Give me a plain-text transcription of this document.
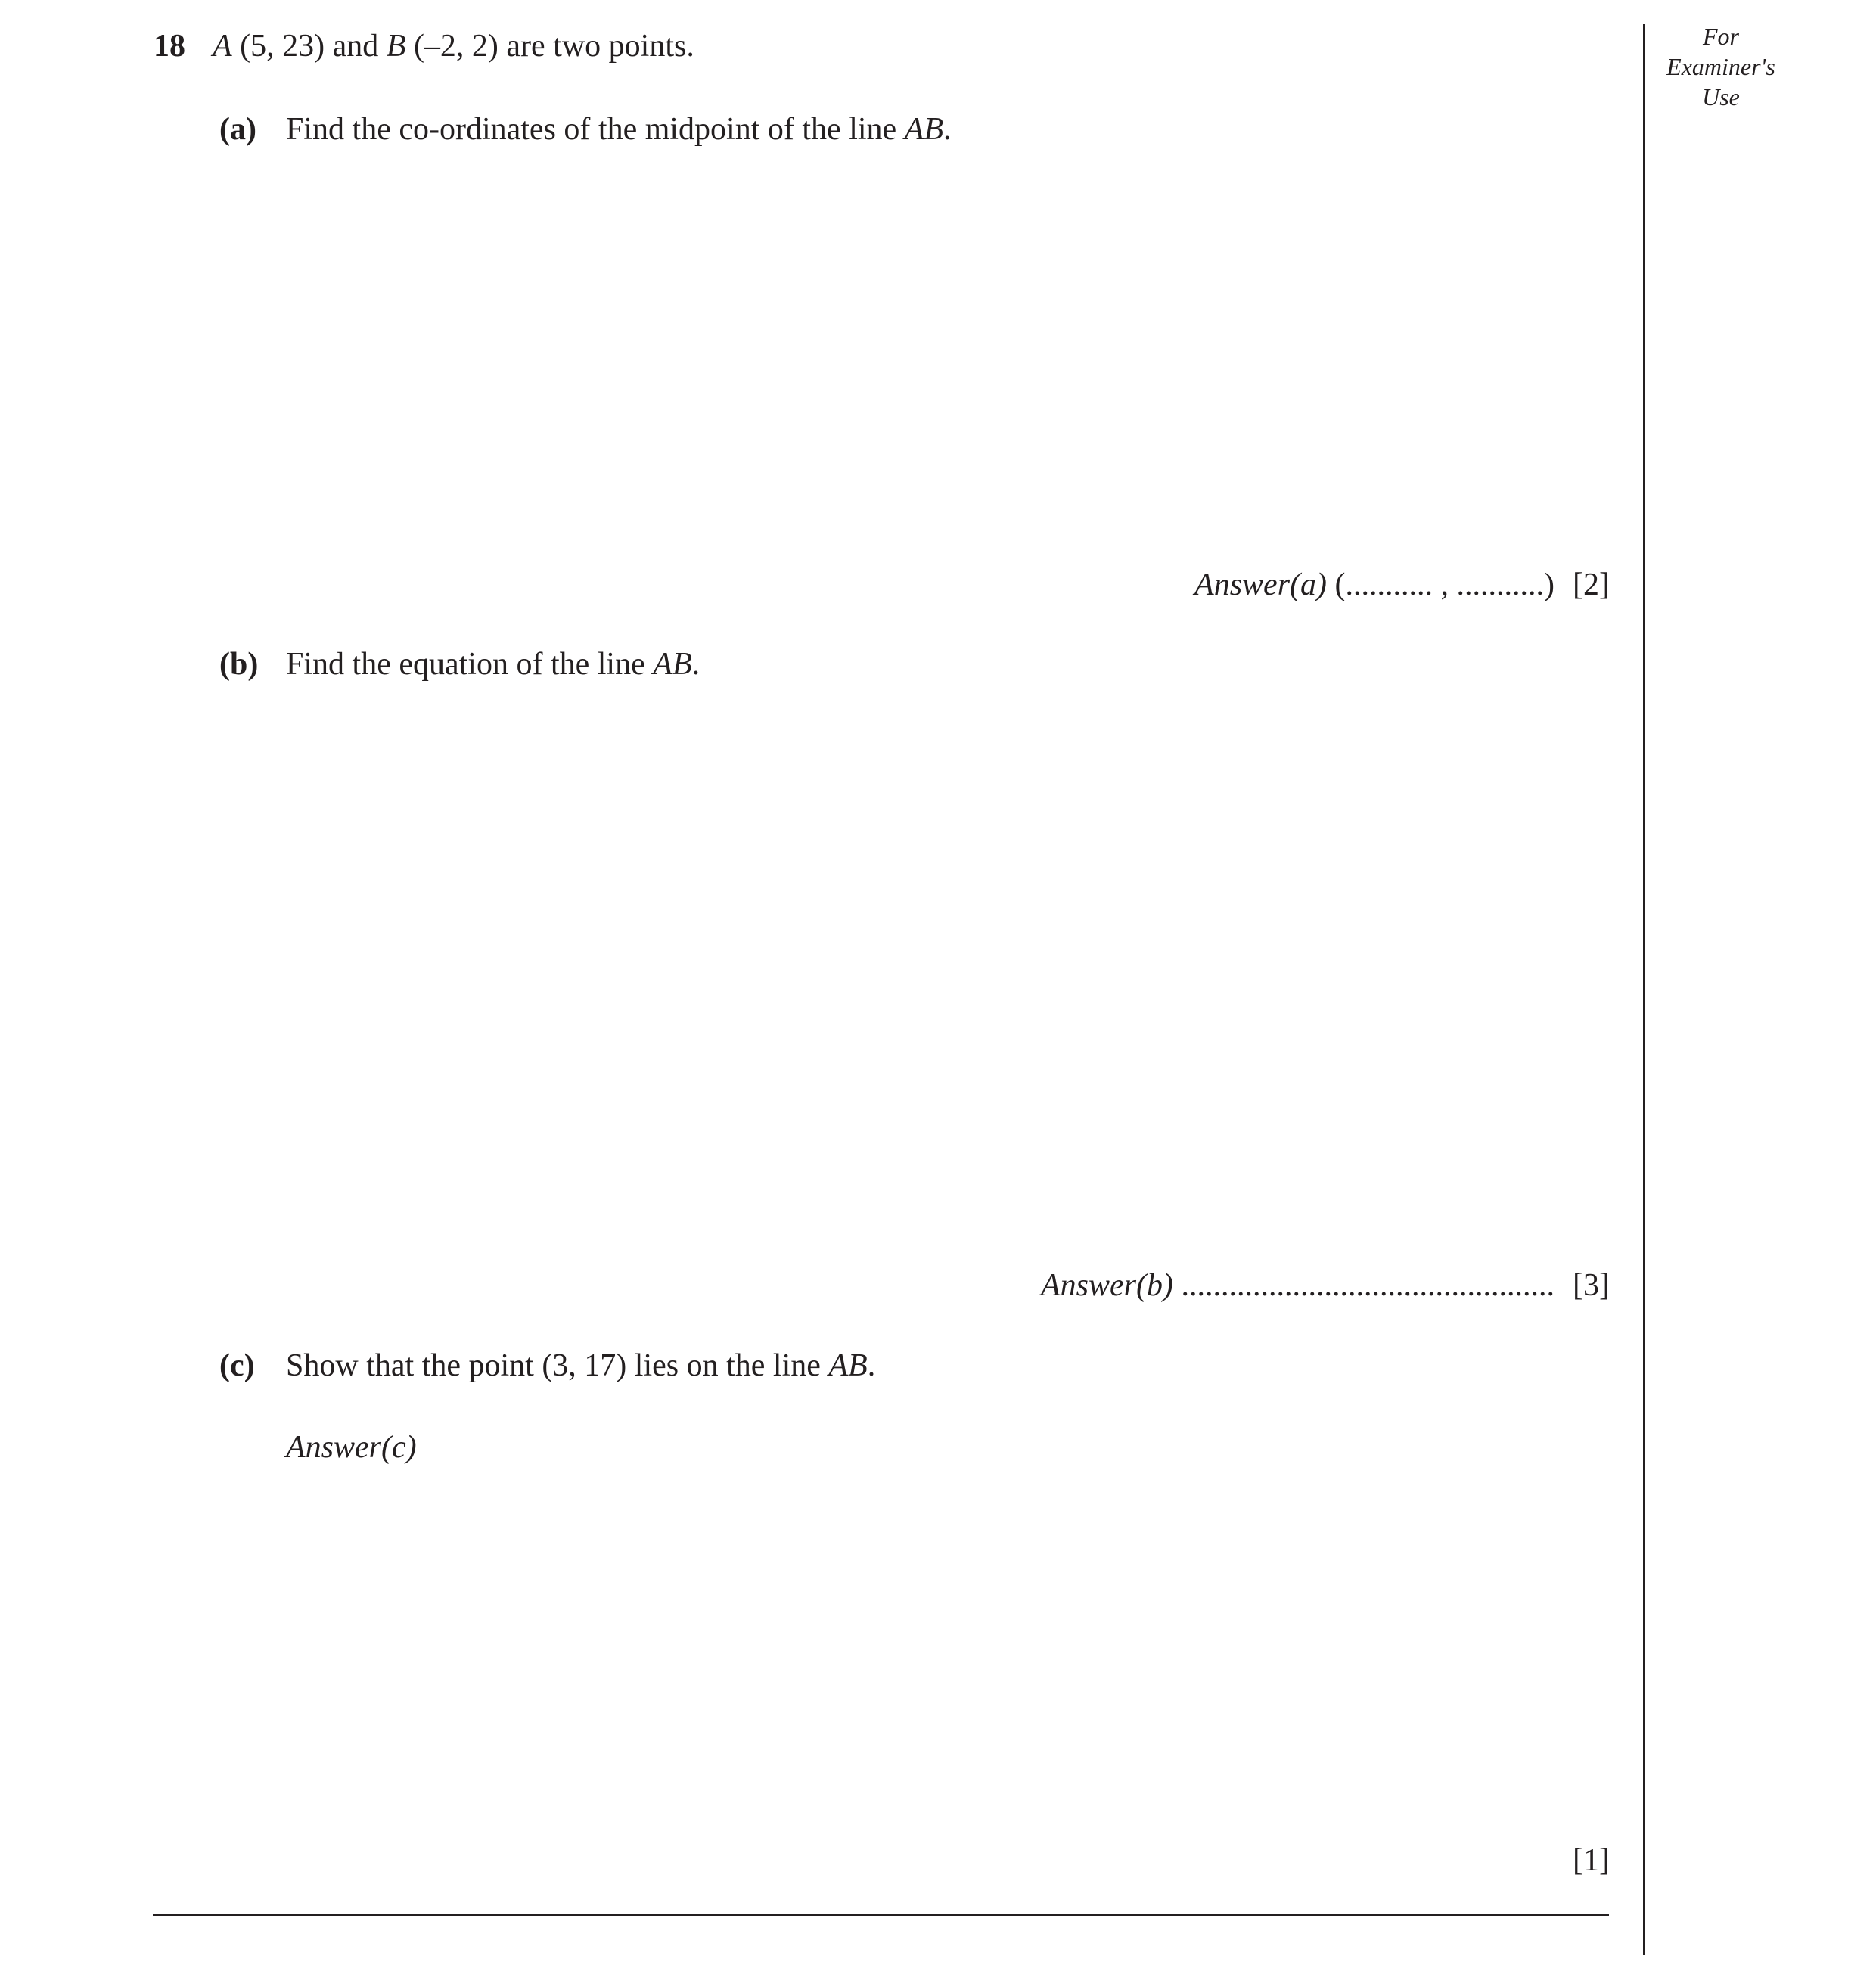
For
Examiner's
Use
18 A (5, 23) and B (–2, 2) are two points.
(a) Find the co-ordinates of the midpoint of the line AB.
Answer(a) (........... , ...........) [2]
(b) Find the equation of the line AB.
Answer(b) ............................................... [3]
(c) Show that the point (3, 17) lies on the line AB.
Answer(c)
[1]
